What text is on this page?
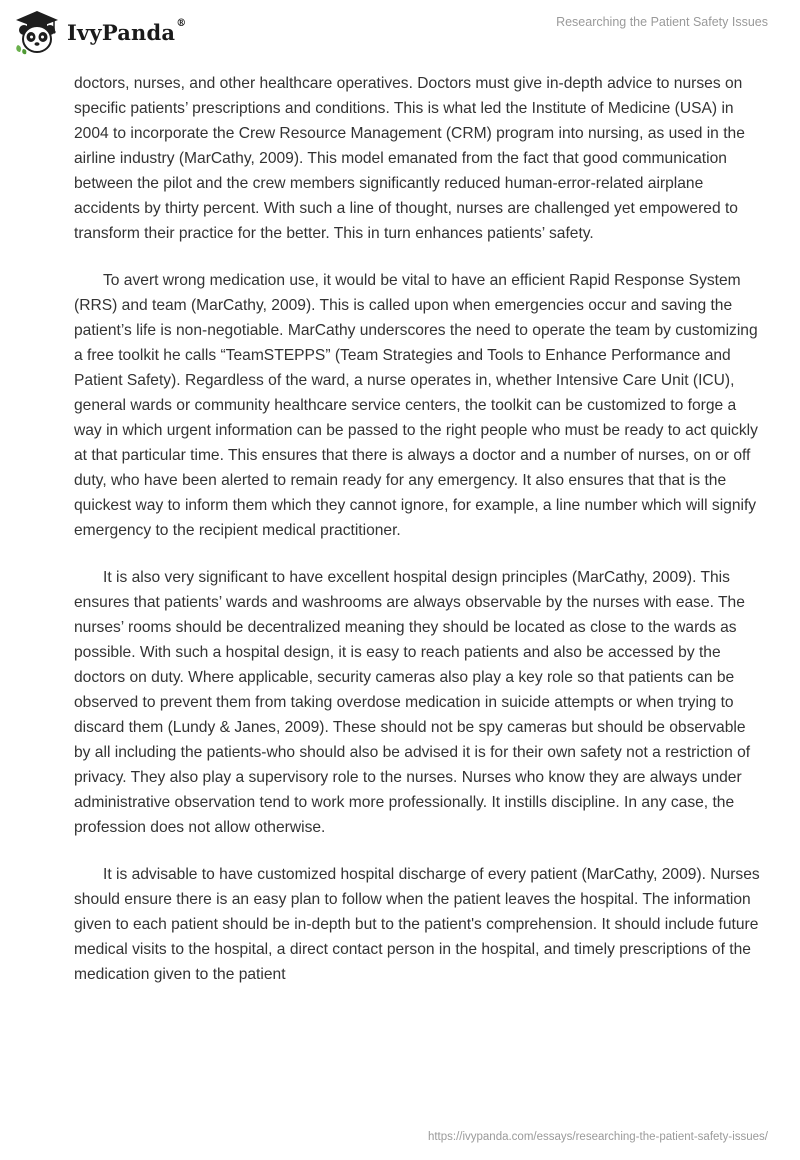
IvyPanda®	Researching the Patient Safety Issues

doctors, nurses, and other healthcare operatives. Doctors must give in-depth advice to nurses on specific patients’ prescriptions and conditions. This is what led the Institute of Medicine (USA) in 2004 to incorporate the Crew Resource Management (CRM) program into nursing, as used in the airline industry (MarCathy, 2009). This model emanated from the fact that good communication between the pilot and the crew members significantly reduced human-error-related airplane accidents by thirty percent. With such a line of thought, nurses are challenged yet empowered to transform their practice for the better. This in turn enhances patients’ safety.

To avert wrong medication use, it would be vital to have an efficient Rapid Response System (RRS) and team (MarCathy, 2009). This is called upon when emergencies occur and saving the patient’s life is non-negotiable. MarCathy underscores the need to operate the team by customizing a free toolkit he calls “TeamSTEPPS” (Team Strategies and Tools to Enhance Performance and Patient Safety). Regardless of the ward, a nurse operates in, whether Intensive Care Unit (ICU), general wards or community healthcare service centers, the toolkit can be customized to forge a way in which urgent information can be passed to the right people who must be ready to act quickly at that particular time. This ensures that there is always a doctor and a number of nurses, on or off duty, who have been alerted to remain ready for any emergency. It also ensures that that is the quickest way to inform them which they cannot ignore, for example, a line number which will signify emergency to the recipient medical practitioner.

It is also very significant to have excellent hospital design principles (MarCathy, 2009). This ensures that patients’ wards and washrooms are always observable by the nurses with ease. The nurses’ rooms should be decentralized meaning they should be located as close to the wards as possible. With such a hospital design, it is easy to reach patients and also be accessed by the doctors on duty. Where applicable, security cameras also play a key role so that patients can be observed to prevent them from taking overdose medication in suicide attempts or when trying to discard them (Lundy & Janes, 2009). These should not be spy cameras but should be observable by all including the patients-who should also be advised it is for their own safety not a restriction of privacy. They also play a supervisory role to the nurses. Nurses who know they are always under administrative observation tend to work more professionally. It instills discipline. In any case, the profession does not allow otherwise.

It is advisable to have customized hospital discharge of every patient (MarCathy, 2009). Nurses should ensure there is an easy plan to follow when the patient leaves the hospital. The information given to each patient should be in-depth but to the patient's comprehension. It should include future medical visits to the hospital, a direct contact person in the hospital, and timely prescriptions of the medication given to the patient

https://ivypanda.com/essays/researching-the-patient-safety-issues/
